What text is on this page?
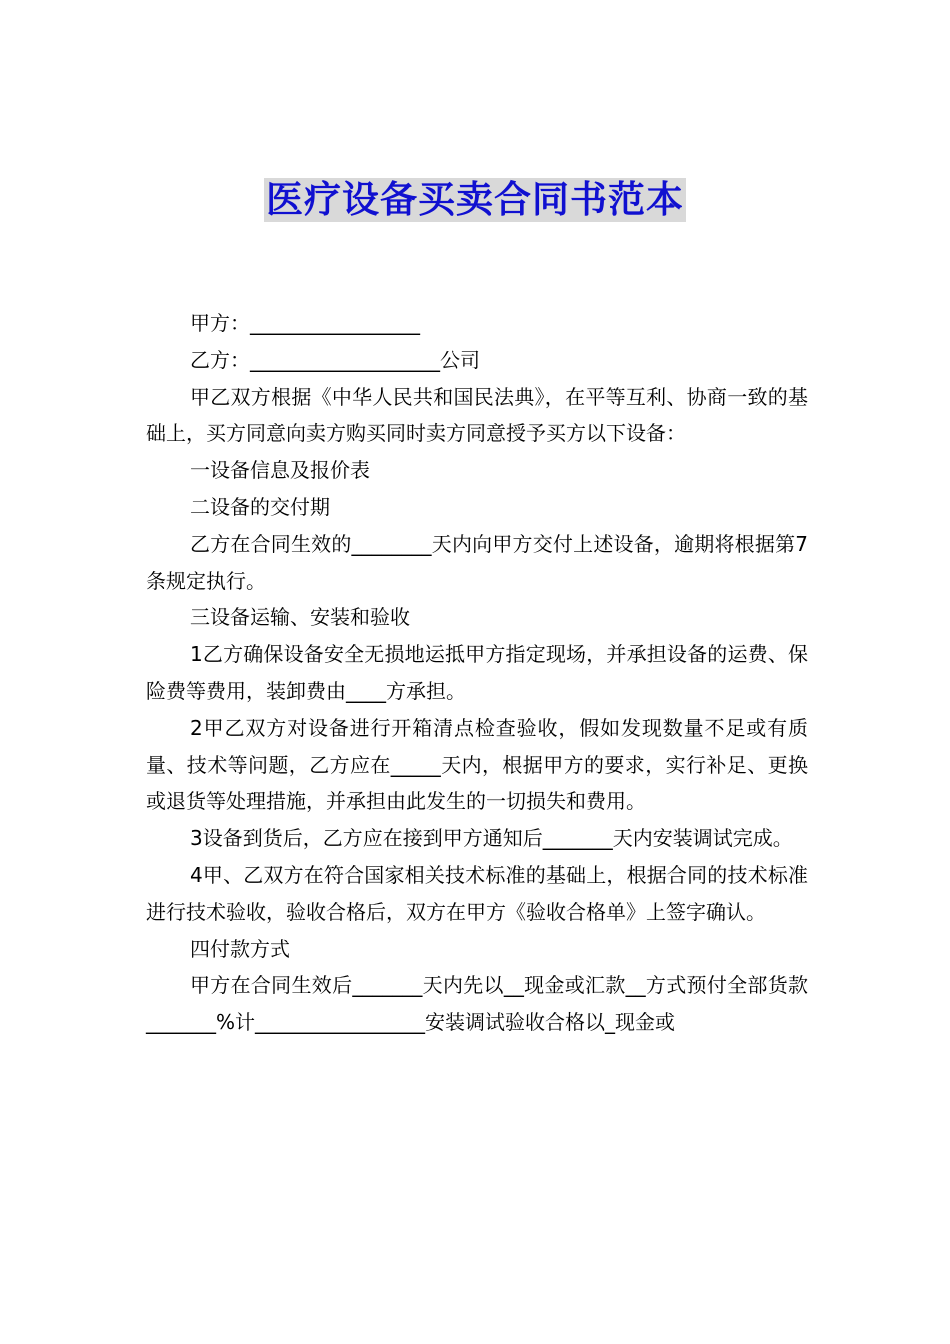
医疗设备买卖合同书范本

甲方：_________________

乙方：___________________公司

甲乙双方根据《中华人民共和国民法典》，在平等互利、协商一致的基础上，买方同意向卖方购买同时卖方同意授予买方以下设备：

一设备信息及报价表

二设备的交付期

乙方在合同生效的________天内向甲方交付上述设备，逾期将根据第7条规定执行。

三设备运输、安装和验收

1乙方确保设备安全无损地运抵甲方指定现场，并承担设备的运费、保险费等费用，装卸费由____方承担。

2甲乙双方对设备进行开箱清点检查验收，假如发现数量不足或有质量、技术等问题，乙方应在_____天内，根据甲方的要求，实行补足、更换或退货等处理措施，并承担由此发生的一切损失和费用。

3设备到货后，乙方应在接到甲方通知后_______天内安装调试完成。

4甲、乙双方在符合国家相关技术标准的基础上，根据合同的技术标准进行技术验收，验收合格后，双方在甲方《验收合格单》上签字确认。

四付款方式

甲方在合同生效后_______天内先以__现金或汇款__方式预付全部货款_______%计_________________安装调试验收合格以_现金或
